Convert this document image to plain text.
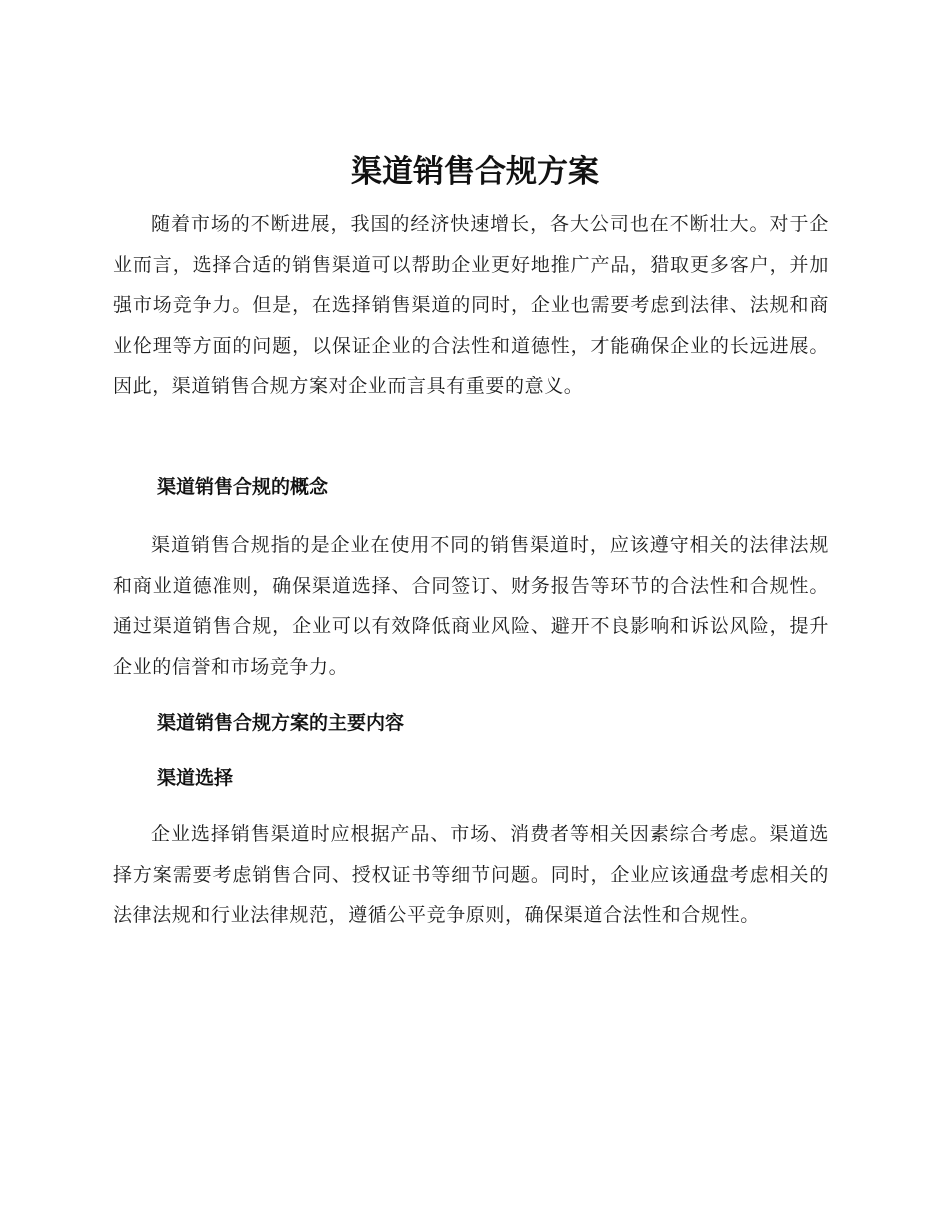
渠道销售合规方案

随着市场的不断进展，我国的经济快速增长，各大公司也在不断壮大。对于企业而言，选择合适的销售渠道可以帮助企业更好地推广产品，猎取更多客户，并加强市场竞争力。但是，在选择销售渠道的同时，企业也需要考虑到法律、法规和商业伦理等方面的问题，以保证企业的合法性和道德性，才能确保企业的长远进展。因此，渠道销售合规方案对企业而言具有重要的意义。

渠道销售合规的概念

渠道销售合规指的是企业在使用不同的销售渠道时，应该遵守相关的法律法规和商业道德准则，确保渠道选择、合同签订、财务报告等环节的合法性和合规性。通过渠道销售合规，企业可以有效降低商业风险、避开不良影响和诉讼风险，提升企业的信誉和市场竞争力。

渠道销售合规方案的主要内容
渠道选择

企业选择销售渠道时应根据产品、市场、消费者等相关因素综合考虑。渠道选择方案需要考虑销售合同、授权证书等细节问题。同时，企业应该通盘考虑相关的法律法规和行业法律规范，遵循公平竞争原则，确保渠道合法性和合规性。
